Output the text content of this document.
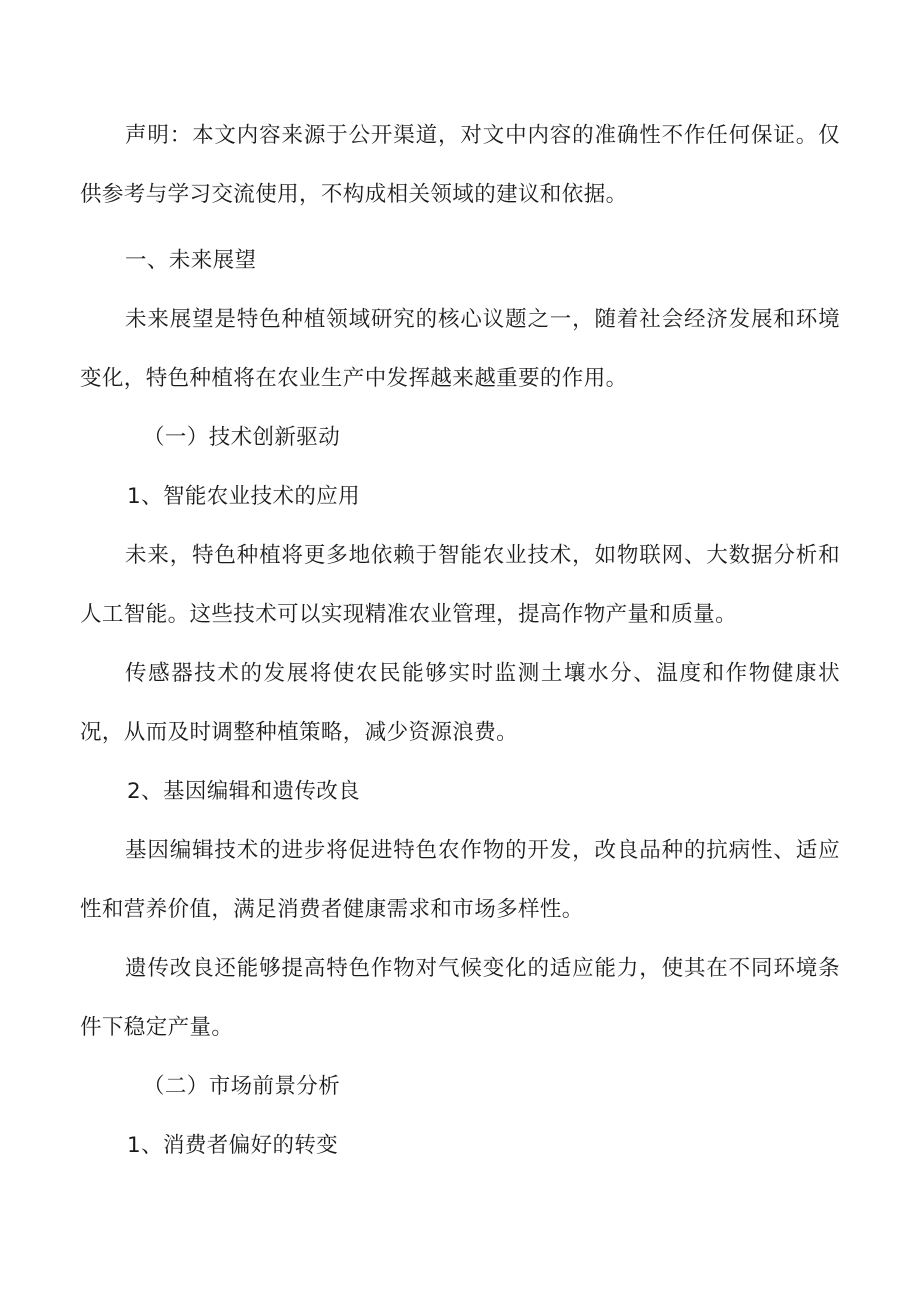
声明：本文内容来源于公开渠道，对文中内容的准确性不作任何保证。仅供参考与学习交流使用，不构成相关领域的建议和依据。

一、未来展望

未来展望是特色种植领域研究的核心议题之一，随着社会经济发展和环境变化，特色种植将在农业生产中发挥越来越重要的作用。

（一）技术创新驱动

1、智能农业技术的应用

未来，特色种植将更多地依赖于智能农业技术，如物联网、大数据分析和人工智能。这些技术可以实现精准农业管理，提高作物产量和质量。

传感器技术的发展将使农民能够实时监测土壤水分、温度和作物健康状况，从而及时调整种植策略，减少资源浪费。

2、基因编辑和遗传改良

基因编辑技术的进步将促进特色农作物的开发，改良品种的抗病性、适应性和营养价值，满足消费者健康需求和市场多样性。

遗传改良还能够提高特色作物对气候变化的适应能力，使其在不同环境条件下稳定产量。

（二）市场前景分析

1、消费者偏好的转变
